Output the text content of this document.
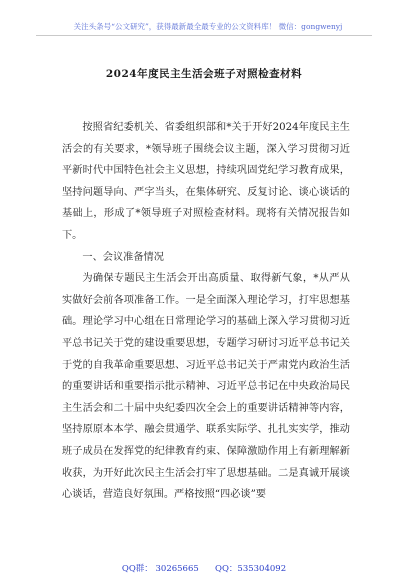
关注头条号“公文研究”，获得最新最全最专业的公文资料库！ 微信：gongwenyj
2024年度民主生活会班子对照检查材料

按照省纪委机关、省委组织部和*关于开好2024年度民主生活会的有关要求，*领导班子围绕会议主题，深入学习贯彻习近平新时代中国特色社会主义思想，持续巩固党纪学习教育成果，坚持问题导向、严字当头，在集体研究、反复讨论、谈心谈话的基础上，形成了*领导班子对照检查材料。现将有关情况报告如下。

一、会议准备情况

为确保专题民主生活会开出高质量、取得新气象，*从严从实做好会前各项准备工作。一是全面深入理论学习，打牢思想基础。理论学习中心组在日常理论学习的基础上深入学习贯彻习近平总书记关于党的建设重要思想，专题学习研讨习近平总书记关于党的自我革命重要思想、习近平总书记关于严肃党内政治生活的重要讲话和重要指示批示精神、习近平总书记在中央政治局民主生活会和二十届中央纪委四次全会上的重要讲话精神等内容，坚持原原本本学、融会贯通学、联系实际学、扎扎实实学，推动班子成员在发挥党的纪律教育约束、保障激励作用上有新理解新收获，为开好此次民主生活会打牢了思想基础。二是真诚开展谈心谈话，营造良好氛围。严格按照“四必谈”要

QQ群： 30265665      QQ：535304092
